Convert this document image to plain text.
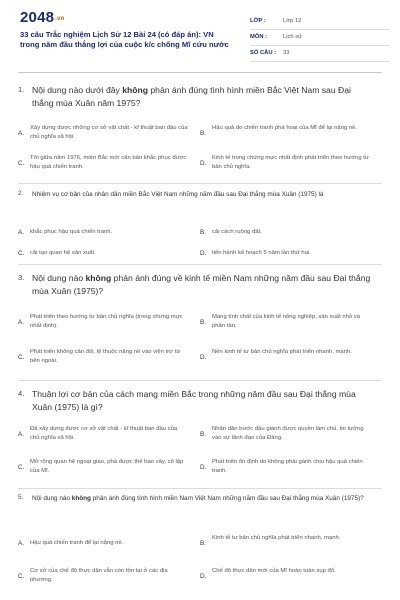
2048.vn
33 câu Trắc nghiệm Lịch Sử 12 Bài 24 (có đáp án): VN trong năm đầu thắng lợi của cuộc k/c chống Mĩ cứu nước
LỚP :	Lớp 12
MÔN :	Lịch sử
SỐ CÂU : 33
1. Nội dung nào dưới đây không phản ánh đúng tình hình miền Bắc Việt Nam sau Đại thắng mùa Xuân năm 1975?
A.
Xây dựng được những cơ sở vật chất - kĩ thuật ban đầu của chủ nghĩa xã hội.
B.
Hậu quả do chiến tranh phá hoại của Mĩ để lại nặng nề.
C.
Tới giữa năm 1976, miền Bắc mới căn bản khắc phục được hậu quả chiến tranh.
D.
Kinh tế trong chừng mực nhất định phát triển theo hướng tư bản chủ nghĩa.
2. Nhiệm vụ cơ bản của nhân dân miền Bắc Việt Nam những năm đầu sau Đại thắng mùa Xuân (1975) là
A. khắc phục hậu quả chiến tranh.	B. cải cách ruộng đất.
C. cải tạo quan hệ sản xuất.	D. tiến hành kế hoạch 5 năm lần thứ hai.
3. Nội dung nào không phản ánh đúng về kinh tế miền Nam những năm đầu sau Đại thắng mùa Xuân (1975)?
A.
Phát triển theo hướng tư bản chủ nghĩa (trong chừng mực nhất định).
B.
Mang tính chất của kinh tế nông nghiệp, sản xuất nhỏ và phân tán.
C.
Phát triển không cân đối, lệ thuộc nặng nề vào viện trợ từ bên ngoài.
D.
Nền kinh tế tư bản chủ nghĩa phát triển nhanh, mạnh.
4. Thuận lợi cơ bản của cách mạng miền Bắc trong những năm đầu sau Đại thắng mùa Xuân (1975) là gì?
A.
Đã xây dựng được cơ sở vật chất - kĩ thuật ban đầu của chủ nghĩa xã hội.
B.
Nhân dân bước đầu giành được quyền làm chủ, tin tưởng vào sự lãnh đạo của Đảng.
C.
Mở rộng quan hệ ngoại giao, phá được thế bao vây, cô lập của Mĩ.
D.
Phát triển ổn định do không phải gánh chịu hậu quả chiến tranh.
5. Nội dung nào không phản ánh đúng tình hình miền Nam Việt Nam những năm đầu sau Đại thắng mùa Xuân (1975)?
A. Hậu quả chiến tranh để lại nặng nề.	B.
Kinh tế tư bản chủ nghĩa phát triển nhanh, mạnh.
C.
Cơ sở của chế độ thực dân vẫn còn tồn tại ở các địa phương.
D.
Chế độ thực dân mới của Mĩ hoàn toàn sụp đổ.
